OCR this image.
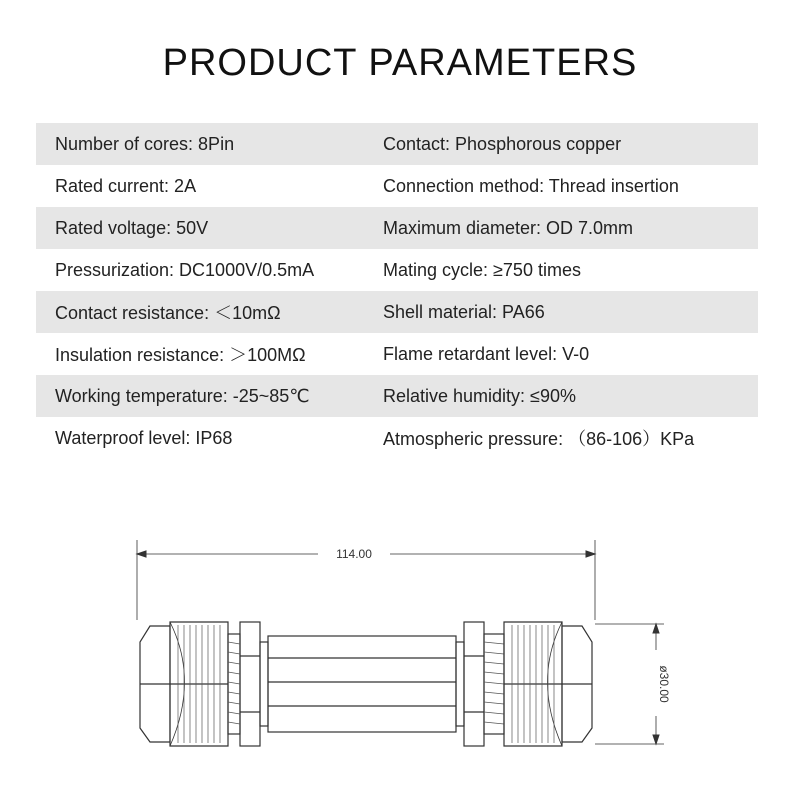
PRODUCT PARAMETERS
Number of cores: 8Pin	Contact: Phosphorous copper
Rated current: 2A	Connection method: Thread insertion
Rated voltage: 50V	Maximum diameter: OD 7.0mm
Pressurization: DC1000V/0.5mA	Mating cycle: ≥750 times
Contact resistance: ＜10mΩ	Shell material: PA66
Insulation resistance: ＞100MΩ	Flame retardant level: V-0
Working temperature: -25~85℃	Relative humidity: ≤90%
Waterproof level: IP68	Atmospheric pressure: （86-106）KPa
114.00
ø30.00
